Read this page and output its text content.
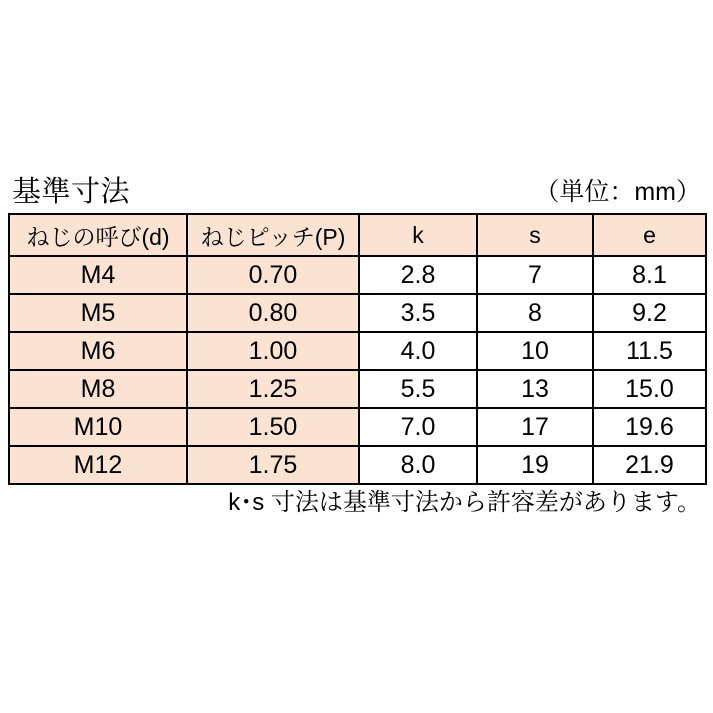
基準寸法	（単位：mm）
ねじの呼び(d)	ねじピッチ(P)	k	s	e
M4	0.70	2.8	7	8.1
M5	0.80	3.5	8	9.2
M6	1.00	4.0	10	11.5
M8	1.25	5.5	13	15.0
M10	1.50	7.0	17	19.6
M12	1.75	8.0	19	21.9
k･s 寸法は基準寸法から許容差があります。
